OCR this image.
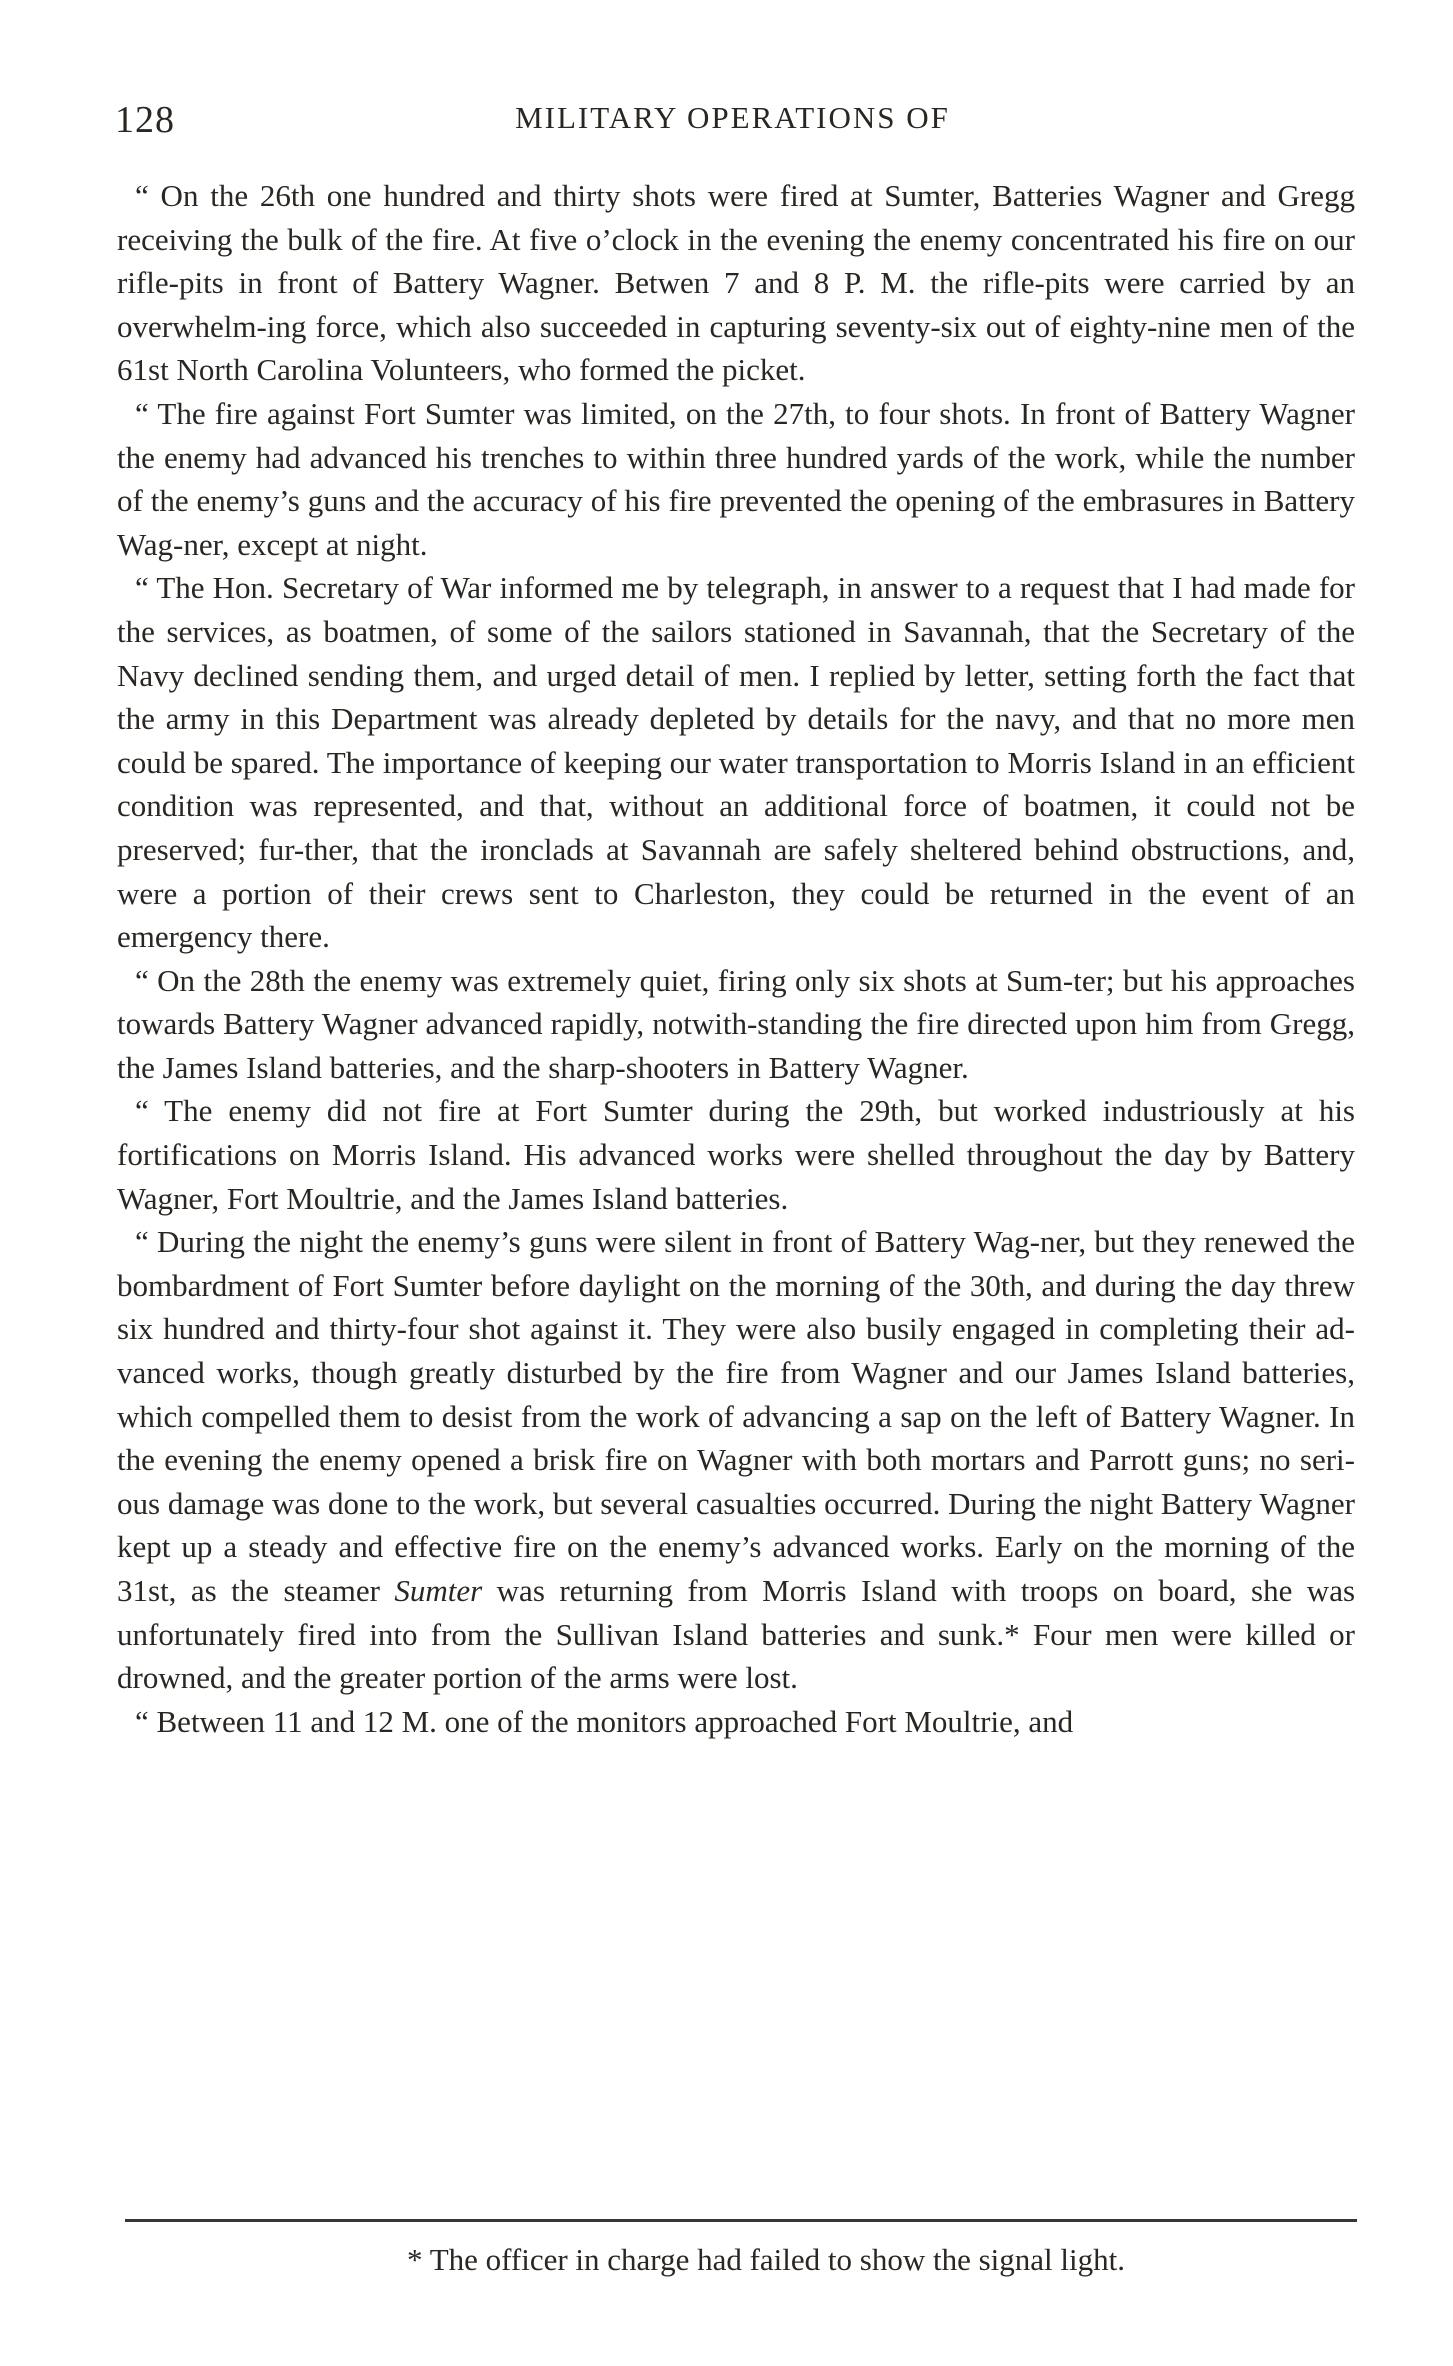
128	MILITARY OPERATIONS OF

“ On the 26th one hundred and thirty shots were fired at Sumter, Batteries Wagner and Gregg receiving the bulk of the fire. At five o’clock in the evening the enemy concentrated his fire on our rifle-pits in front of Battery Wagner. Betwen 7 and 8 P. M. the rifle-pits were carried by an overwhelm-ing force, which also succeeded in capturing seventy-six out of eighty-nine men of the 61st North Carolina Volunteers, who formed the picket.

“ The fire against Fort Sumter was limited, on the 27th, to four shots. In front of Battery Wagner the enemy had advanced his trenches to within three hundred yards of the work, while the number of the enemy’s guns and the accuracy of his fire prevented the opening of the embrasures in Battery Wag-ner, except at night.

“ The Hon. Secretary of War informed me by telegraph, in answer to a request that I had made for the services, as boatmen, of some of the sailors stationed in Savannah, that the Secretary of the Navy declined sending them, and urged detail of men. I replied by letter, setting forth the fact that the army in this Department was already depleted by details for the navy, and that no more men could be spared. The importance of keeping our water transportation to Morris Island in an efficient condition was represented, and that, without an additional force of boatmen, it could not be preserved; fur-ther, that the ironclads at Savannah are safely sheltered behind obstructions, and, were a portion of their crews sent to Charleston, they could be returned in the event of an emergency there.

“ On the 28th the enemy was extremely quiet, firing only six shots at Sum-ter; but his approaches towards Battery Wagner advanced rapidly, notwith-standing the fire directed upon him from Gregg, the James Island batteries, and the sharp-shooters in Battery Wagner.

“ The enemy did not fire at Fort Sumter during the 29th, but worked industriously at his fortifications on Morris Island. His advanced works were shelled throughout the day by Battery Wagner, Fort Moultrie, and the James Island batteries.

“ During the night the enemy’s guns were silent in front of Battery Wag-ner, but they renewed the bombardment of Fort Sumter before daylight on the morning of the 30th, and during the day threw six hundred and thirty-four shot against it. They were also busily engaged in completing their ad-vanced works, though greatly disturbed by the fire from Wagner and our James Island batteries, which compelled them to desist from the work of advancing a sap on the left of Battery Wagner. In the evening the enemy opened a brisk fire on Wagner with both mortars and Parrott guns; no seri-ous damage was done to the work, but several casualties occurred. During the night Battery Wagner kept up a steady and effective fire on the enemy’s advanced works. Early on the morning of the 31st, as the steamer Sumter was returning from Morris Island with troops on board, she was unfortunately fired into from the Sullivan Island batteries and sunk.* Four men were killed or drowned, and the greater portion of the arms were lost.

“ Between 11 and 12 M. one of the monitors approached Fort Moultrie, and

* The officer in charge had failed to show the signal light.
